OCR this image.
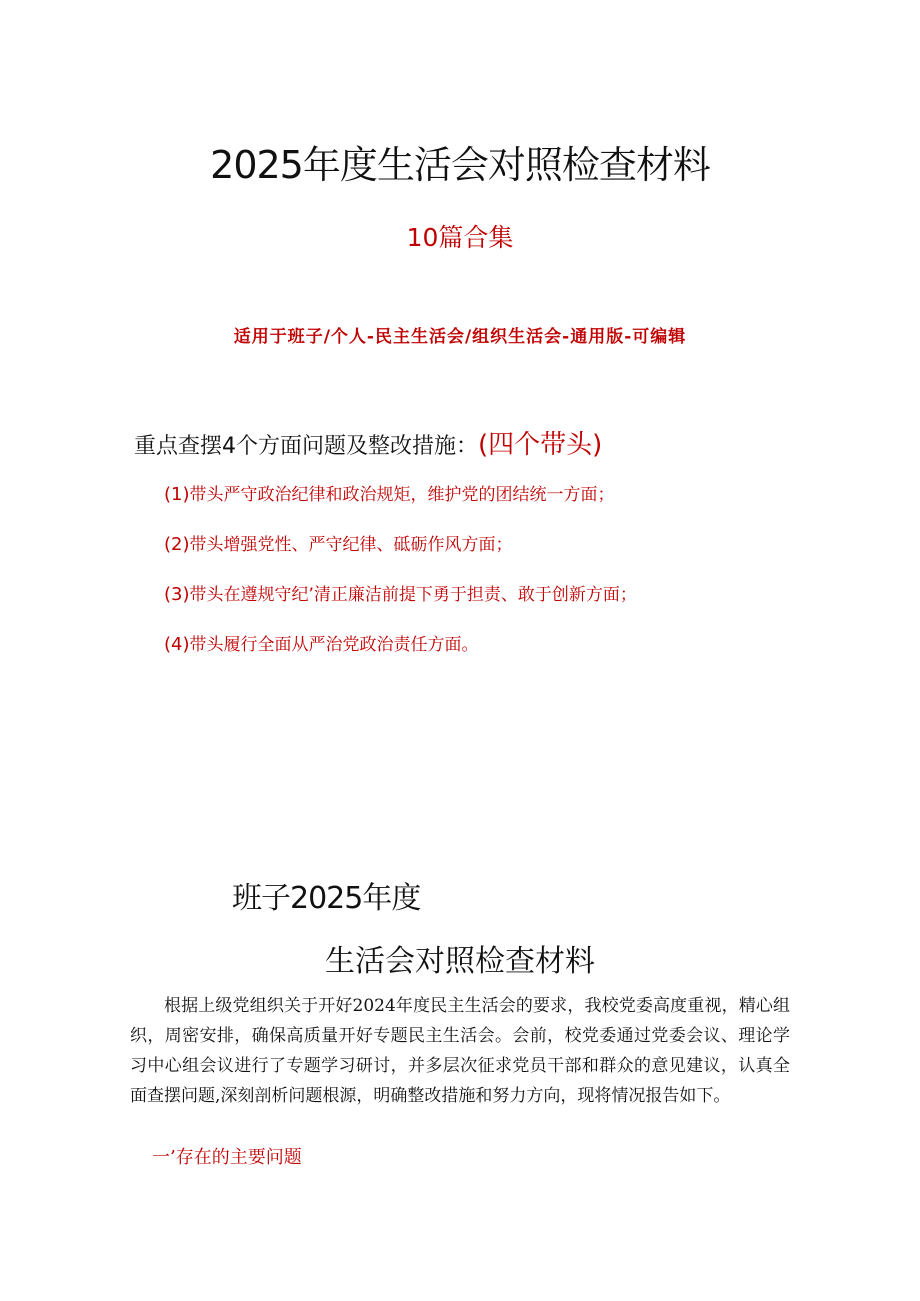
2025年度生活会对照检查材料
10篇合集
适用于班子/个人-民主生活会/组织生活会-通用版-可编辑
重点查摆4个方面问题及整改措施：(四个带头)
(1)带头严守政治纪律和政治规矩，维护党的团结统一方面；
(2)带头增强党性、严守纪律、砥砺作风方面；
(3)带头在遵规守纪’清正廉洁前提下勇于担责、敢于创新方面；
(4)带头履行全面从严治党政治责任方面。
班子2025年度
生活会对照检查材料

根据上级党组织关于开好2024年度民主生活会的要求，我校党委高度重视，精心组织，周密安排，确保高质量开好专题民主生活会。会前，校党委通过党委会议、理论学习中心组会议进行了专题学习研讨，并多层次征求党员干部和群众的意见建议，认真全面查摆问题,深刻剖析问题根源，明确整改措施和努力方向，现将情况报告如下。

一’存在的主要问题
